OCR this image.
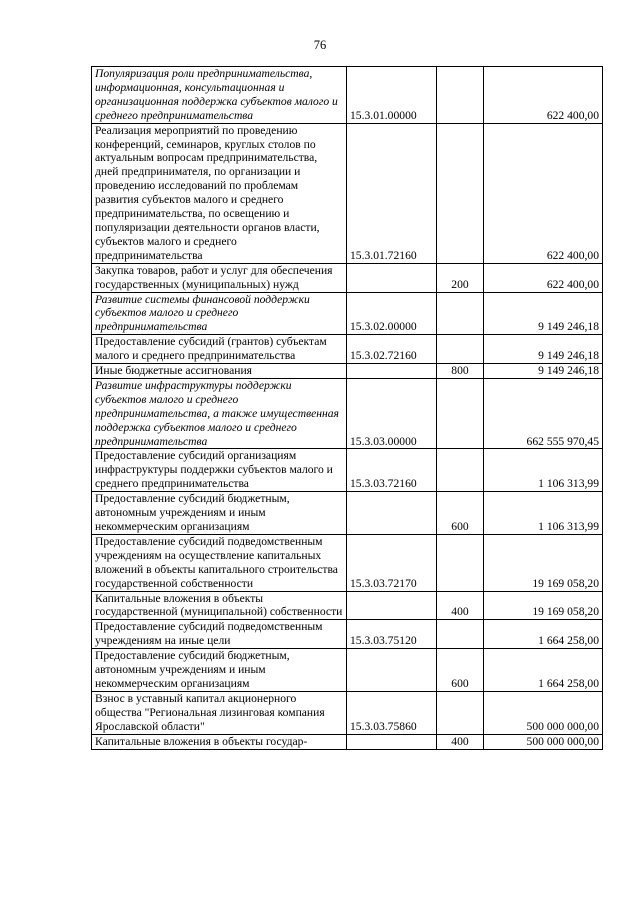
76
Популяризация роли предпринимательства, информационная, консультационная и организационная поддержка субъектов малого и среднего предпринимательства	15.3.01.00000		622 400,00
Реализация мероприятий по проведению конференций, семинаров, круглых столов по актуальным вопросам предпринимательства, дней предпринимателя, по организации и проведению исследований по проблемам развития субъектов малого и среднего предпринимательства, по освещению и популяризации деятельности органов власти, субъектов малого и среднего предпринимательства	15.3.01.72160		622 400,00
Закупка товаров, работ и услуг для обеспечения государственных (муниципальных) нужд		200	622 400,00
Развитие системы финансовой поддержки субъектов малого и среднего предпринимательства	15.3.02.00000		9 149 246,18
Предоставление субсидий (грантов) субъектам малого и среднего предпринимательства	15.3.02.72160		9 149 246,18
Иные бюджетные ассигнования		800	9 149 246,18
Развитие инфраструктуры поддержки субъектов малого и среднего предпринимательства, а также имущественная поддержка субъектов малого и среднего предпринимательства	15.3.03.00000		662 555 970,45
Предоставление субсидий организациям инфраструктуры поддержки субъектов малого и среднего предпринимательства	15.3.03.72160		1 106 313,99
Предоставление субсидий бюджетным, автономным учреждениям и иным некоммерческим организациям		600	1 106 313,99
Предоставление субсидий подведомственным учреждениям на осуществление капитальных вложений в объекты капитального строительства государственной собственности	15.3.03.72170		19 169 058,20
Капитальные вложения в объекты государственной (муниципальной) собственности		400	19 169 058,20
Предоставление субсидий подведомственным учреждениям на иные цели	15.3.03.75120		1 664 258,00
Предоставление субсидий бюджетным, автономным учреждениям и иным некоммерческим организациям		600	1 664 258,00
Взнос в уставный капитал акционерного общества "Региональная лизинговая компания Ярославской области"	15.3.03.75860		500 000 000,00
Капитальные вложения в объекты государ-		400	500 000 000,00
